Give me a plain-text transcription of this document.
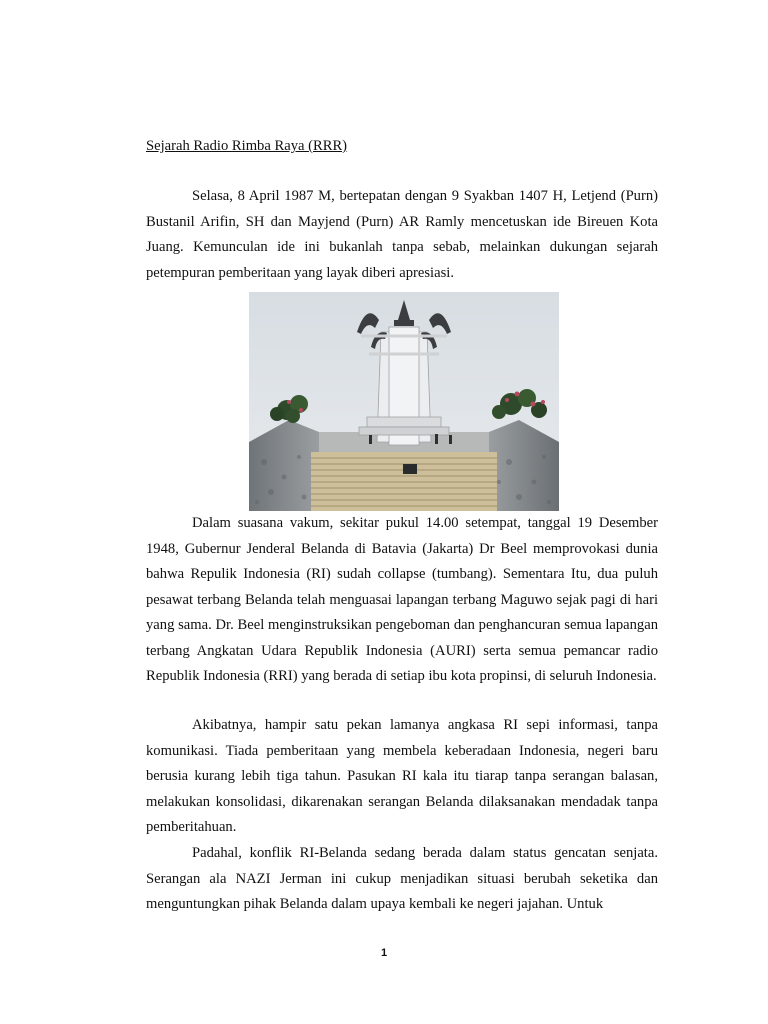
Sejarah Radio Rimba Raya (RRR)

Selasa, 8 April 1987 M, bertepatan dengan 9 Syakban 1407 H, Letjend (Purn) Bustanil Arifin, SH dan Mayjend (Purn) AR Ramly mencetuskan ide Bireuen Kota Juang. Kemunculan ide ini bukanlah tanpa sebab, melainkan dukungan sejarah petempuran pemberitaan yang layak diberi apresiasi.

Dalam suasana vakum, sekitar pukul 14.00 setempat, tanggal 19 Desember 1948, Gubernur Jenderal Belanda di Batavia (Jakarta) Dr Beel memprovokasi dunia bahwa Repulik Indonesia (RI) sudah collapse (tumbang). Sementara Itu, dua puluh pesawat terbang Belanda telah menguasai lapangan terbang Maguwo sejak pagi di hari yang sama. Dr. Beel menginstruksikan pengeboman dan penghancuran semua lapangan terbang Angkatan Udara Republik Indonesia (AURI) serta semua pemancar radio Republik Indonesia (RRI) yang berada di setiap ibu kota propinsi, di seluruh Indonesia.

Akibatnya, hampir satu pekan lamanya angkasa RI sepi informasi, tanpa komunikasi. Tiada pemberitaan yang membela keberadaan Indonesia, negeri baru berusia kurang lebih tiga tahun. Pasukan RI kala itu tiarap tanpa serangan balasan, melakukan konsolidasi, dikarenakan serangan Belanda dilaksanakan mendadak tanpa pemberitahuan.

Padahal, konflik RI-Belanda sedang berada dalam status gencatan senjata. Serangan ala NAZI Jerman ini cukup menjadikan situasi berubah seketika dan menguntungkan pihak Belanda dalam upaya kembali ke negeri jajahan. Untuk

1
